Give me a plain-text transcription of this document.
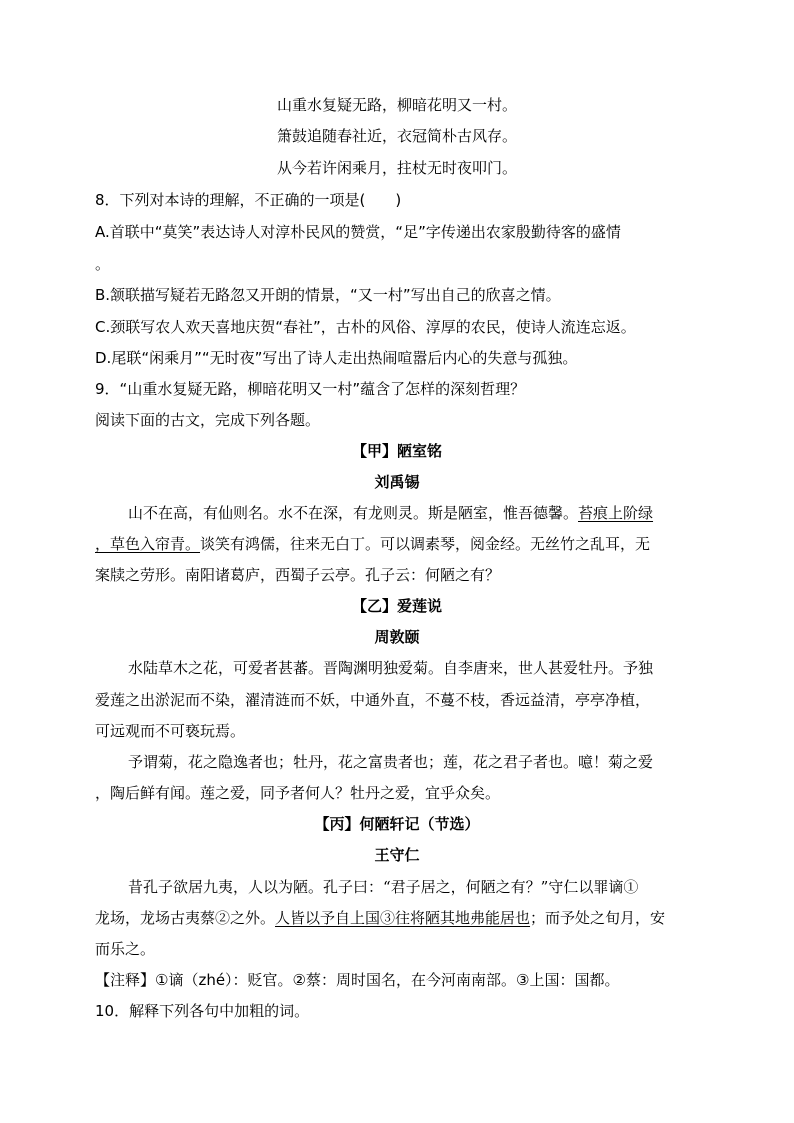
山重水复疑无路，柳暗花明又一村。
箫鼓追随春社近，衣冠简朴古风存。
从今若许闲乘月，拄杖无时夜叩门。
8．下列对本诗的理解，不正确的一项是(　　)
A.首联中“莫笑”表达诗人对淳朴民风的赞赏，“足”字传递出农家殷勤待客的盛情
。
B.颔联描写疑若无路忽又开朗的情景，“又一村”写出自己的欣喜之情。
C.颈联写农人欢天喜地庆贺“春社”，古朴的风俗、淳厚的农民，使诗人流连忘返。
D.尾联“闲乘月”“无时夜”写出了诗人走出热闹喧嚣后内心的失意与孤独。
9．“山重水复疑无路，柳暗花明又一村”蕴含了怎样的深刻哲理？
阅读下面的古文，完成下列各题。
【甲】陋室铭
刘禹锡
山不在高，有仙则名。水不在深，有龙则灵。斯是陋室，惟吾德馨。苔痕上阶绿
，草色入帘青。谈笑有鸿儒，往来无白丁。可以调素琴，阅金经。无丝竹之乱耳，无
案牍之劳形。南阳诸葛庐，西蜀子云亭。孔子云：何陋之有？
【乙】爱莲说
周敦颐
水陆草木之花，可爱者甚蕃。晋陶渊明独爱菊。自李唐来，世人甚爱牡丹。予独
爱莲之出淤泥而不染，濯清涟而不妖，中通外直，不蔓不枝，香远益清，亭亭净植，
可远观而不可亵玩焉。
予谓菊，花之隐逸者也；牡丹，花之富贵者也；莲，花之君子者也。噫！菊之爱
，陶后鲜有闻。莲之爱，同予者何人？牡丹之爱，宜乎众矣。
【丙】何陋轩记（节选）
王守仁
昔孔子欲居九夷，人以为陋。孔子曰：“君子居之，何陋之有？”守仁以罪谪①
龙场，龙场古夷蔡②之外。人皆以予自上国③往将陋其地弗能居也；而予处之旬月，安
而乐之。
【注释】①谪（zhé）：贬官。②蔡：周时国名，在今河南南部。③上国：国都。
10．解释下列各句中加粗的词。
